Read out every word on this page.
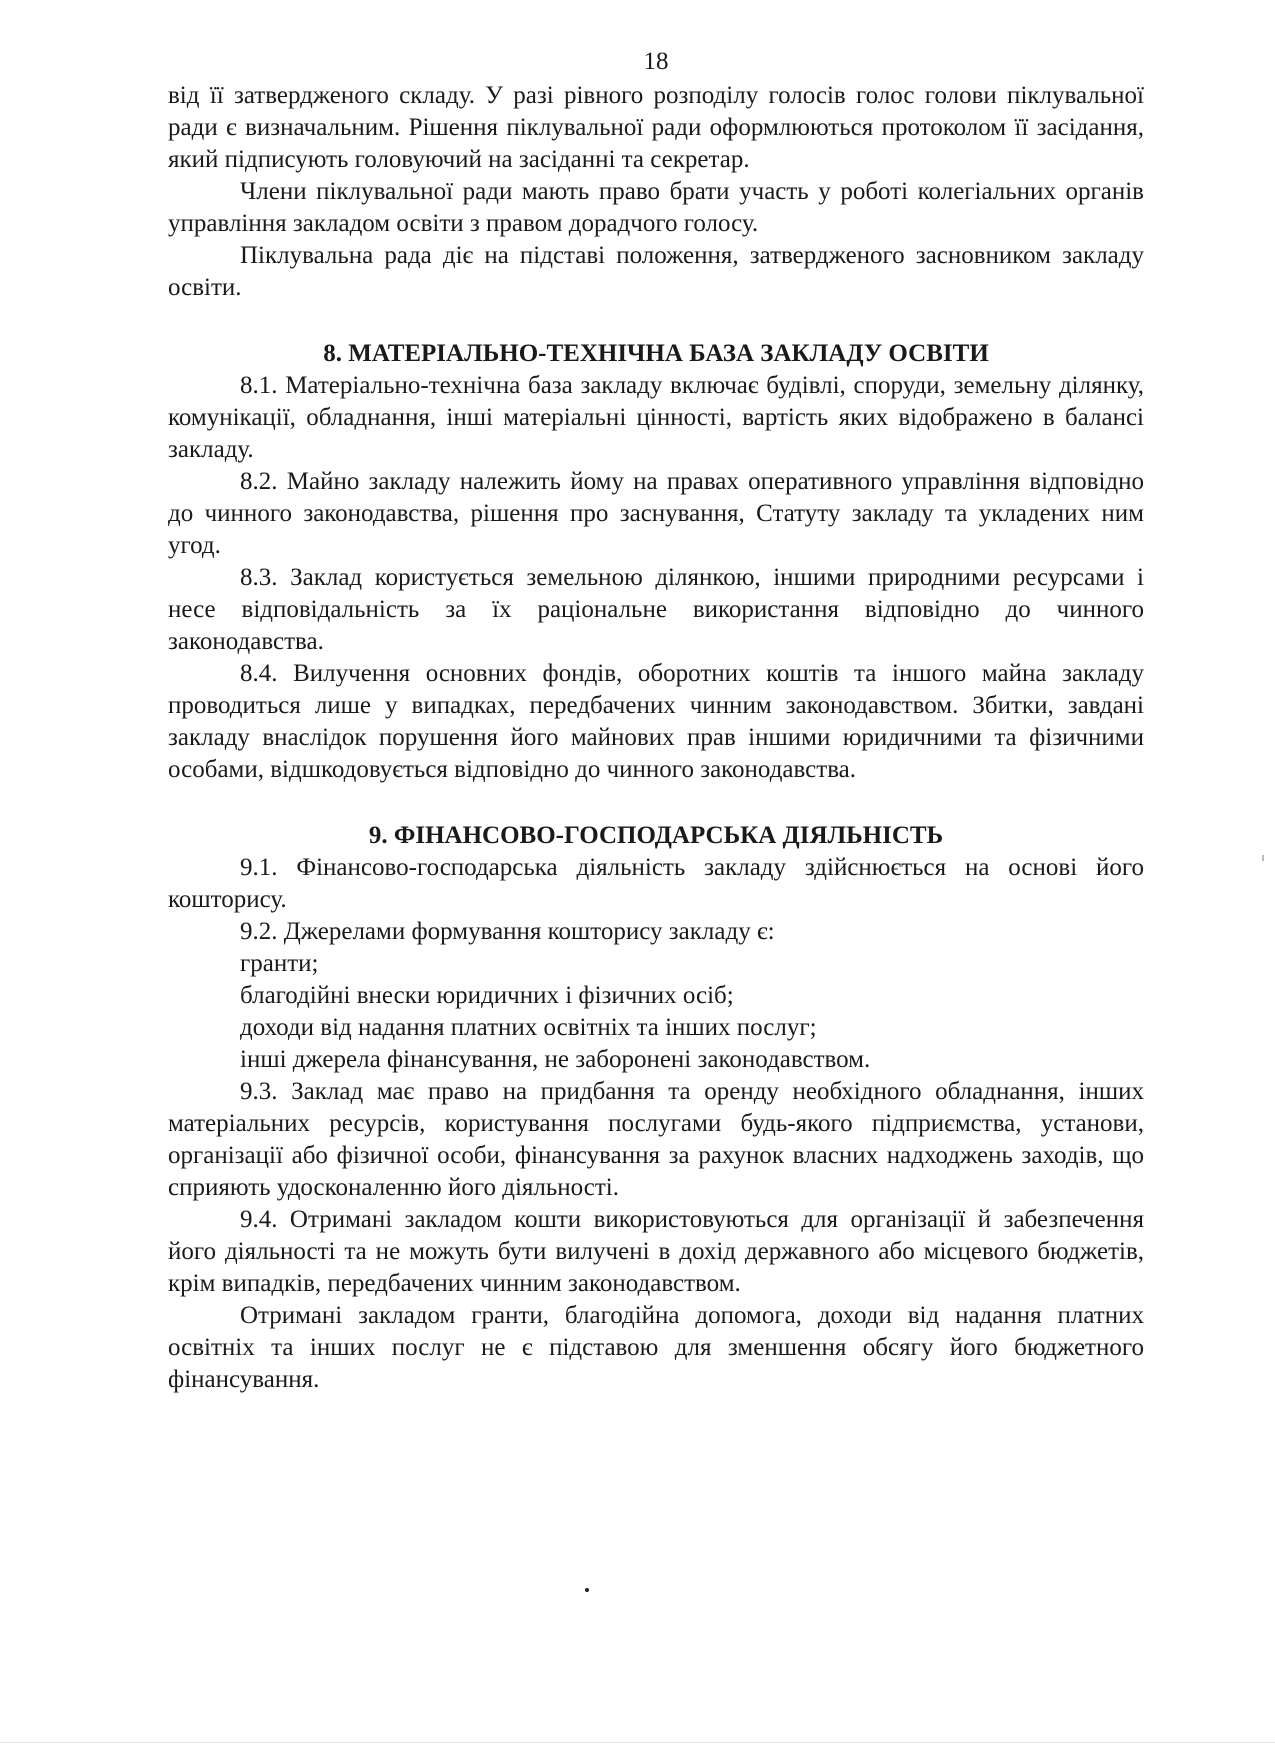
18

від її затвердженого складу. У разі рівного розподілу голосів голос голови піклувальної ради є визначальним. Рішення піклувальної ради оформлюються протоколом її засідання, який підписують головуючий на засіданні та секретар.

Члени піклувальної ради мають право брати участь у роботі колегіальних органів управління закладом освіти з правом дорадчого голосу.

Піклувальна рада діє на підставі положення, затвердженого засновником закладу освіти.

8. МАТЕРІАЛЬНО-ТЕХНІЧНА БАЗА ЗАКЛАДУ ОСВІТИ

8.1. Матеріально-технічна база закладу включає будівлі, споруди, земельну ділянку, комунікації, обладнання, інші матеріальні цінності, вартість яких відображено в балансі закладу.

8.2. Майно закладу належить йому на правах оперативного управління відповідно до чинного законодавства, рішення про заснування, Статуту закладу та укладених ним угод.

8.3. Заклад користується земельною ділянкою, іншими природними ресурсами і несе відповідальність за їх раціональне використання відповідно до чинного законодавства.

8.4. Вилучення основних фондів, оборотних коштів та іншого майна закладу проводиться лише у випадках, передбачених чинним законодавством. Збитки, завдані закладу внаслідок порушення його майнових прав іншими юридичними та фізичними особами, відшкодовується відповідно до чинного законодавства.

9. ФІНАНСОВО-ГОСПОДАРСЬКА ДІЯЛЬНІСТЬ

9.1. Фінансово-господарська діяльність закладу здійснюється на основі його кошторису.

9.2. Джерелами формування кошторису закладу є:

гранти;

благодійні внески юридичних і фізичних осіб;

доходи від надання платних освітніх та інших послуг;

інші джерела фінансування, не заборонені законодавством.

9.3. Заклад має право на придбання та оренду необхідного обладнання, інших матеріальних ресурсів, користування послугами будь-якого підприємства, установи, організації або фізичної особи, фінансування за рахунок власних надходжень заходів, що сприяють удосконаленню його діяльності.

9.4. Отримані закладом кошти використовуються для організації й забезпечення його діяльності та не можуть бути вилучені в дохід державного або місцевого бюджетів, крім випадків, передбачених чинним законодавством.

Отримані закладом гранти, благодійна допомога, доходи від надання платних освітніх та інших послуг не є підставою для зменшення обсягу його бюджетного фінансування.
